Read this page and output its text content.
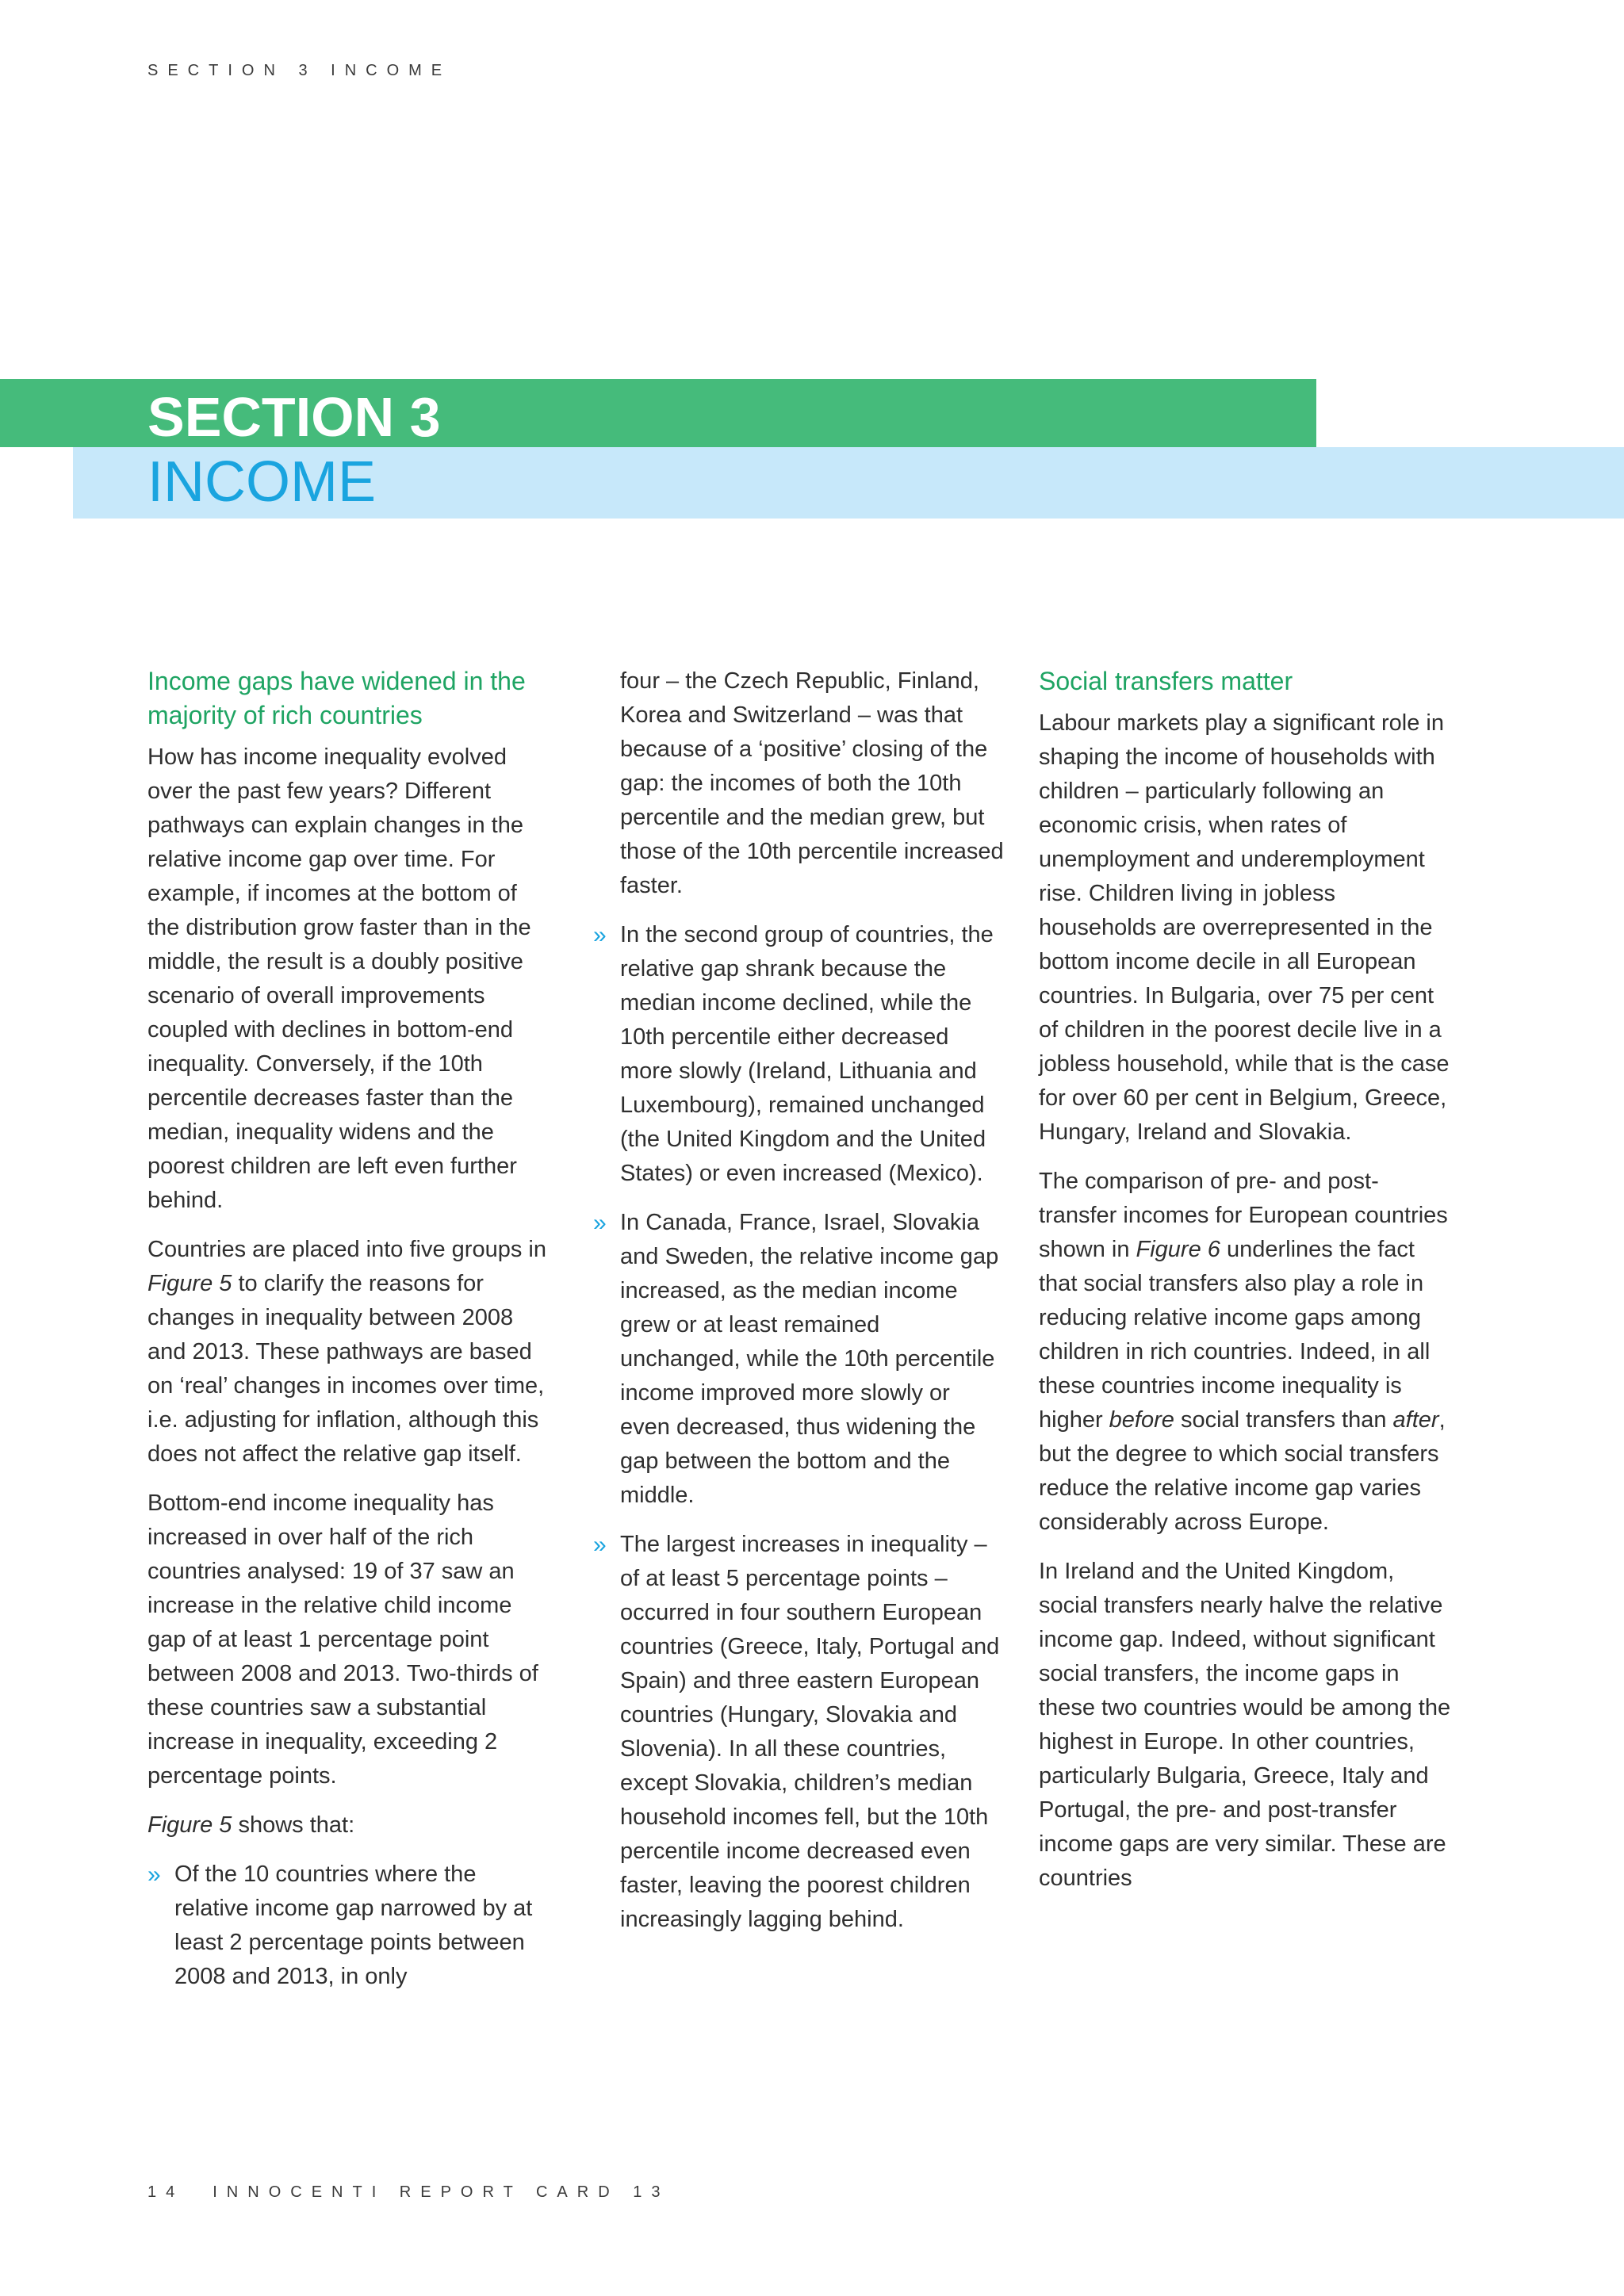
SECTION 3 INCOME
SECTION 3
INCOME
Income gaps have widened in the majority of rich countries

How has income inequality evolved over the past few years? Different pathways can explain changes in the relative income gap over time. For example, if incomes at the bottom of the distribution grow faster than in the middle, the result is a doubly positive scenario of overall improvements coupled with declines in bottom-end inequality. Conversely, if the 10th percentile decreases faster than the median, inequality widens and the poorest children are left even further behind.

Countries are placed into five groups in Figure 5 to clarify the reasons for changes in inequality between 2008 and 2013. These pathways are based on ‘real’ changes in incomes over time, i.e. adjusting for inflation, although this does not affect the relative gap itself.

Bottom-end income inequality has increased in over half of the rich countries analysed: 19 of 37 saw an increase in the relative child income gap of at least 1 percentage point between 2008 and 2013. Two-thirds of these countries saw a substantial increase in inequality, exceeding 2 percentage points.

Figure 5 shows that:

» Of the 10 countries where the relative income gap narrowed by at least 2 percentage points between 2008 and 2013, in only

four – the Czech Republic, Finland, Korea and Switzerland – was that because of a ‘positive’ closing of the gap: the incomes of both the 10th percentile and the median grew, but those of the 10th percentile increased faster.

» In the second group of countries, the relative gap shrank because the median income declined, while the 10th percentile either decreased more slowly (Ireland, Lithuania and Luxembourg), remained unchanged (the United Kingdom and the United States) or even increased (Mexico).
» In Canada, France, Israel, Slovakia and Sweden, the relative income gap increased, as the median income grew or at least remained unchanged, while the 10th percentile income improved more slowly or even decreased, thus widening the gap between the bottom and the middle.
» The largest increases in inequality – of at least 5 percentage points – occurred in four southern European countries (Greece, Italy, Portugal and Spain) and three eastern European countries (Hungary, Slovakia and Slovenia). In all these countries, except Slovakia, children’s median household incomes fell, but the 10th percentile income decreased even faster, leaving the poorest children increasingly lagging behind.
Social transfers matter

Labour markets play a significant role in shaping the income of households with children – particularly following an economic crisis, when rates of unemployment and underemployment rise. Children living in jobless households are overrepresented in the bottom income decile in all European countries. In Bulgaria, over 75 per cent of children in the poorest decile live in a jobless household, while that is the case for over 60 per cent in Belgium, Greece, Hungary, Ireland and Slovakia.

The comparison of pre- and post-transfer incomes for European countries shown in Figure 6 underlines the fact that social transfers also play a role in reducing relative income gaps among children in rich countries. Indeed, in all these countries income inequality is higher before social transfers than after, but the degree to which social transfers reduce the relative income gap varies considerably across Europe.

In Ireland and the United Kingdom, social transfers nearly halve the relative income gap. Indeed, without significant social transfers, the income gaps in these two countries would be among the highest in Europe. In other countries, particularly Bulgaria, Greece, Italy and Portugal, the pre- and post-transfer income gaps are very similar. These are countries

14 INNOCENTI REPORT CARD 13
